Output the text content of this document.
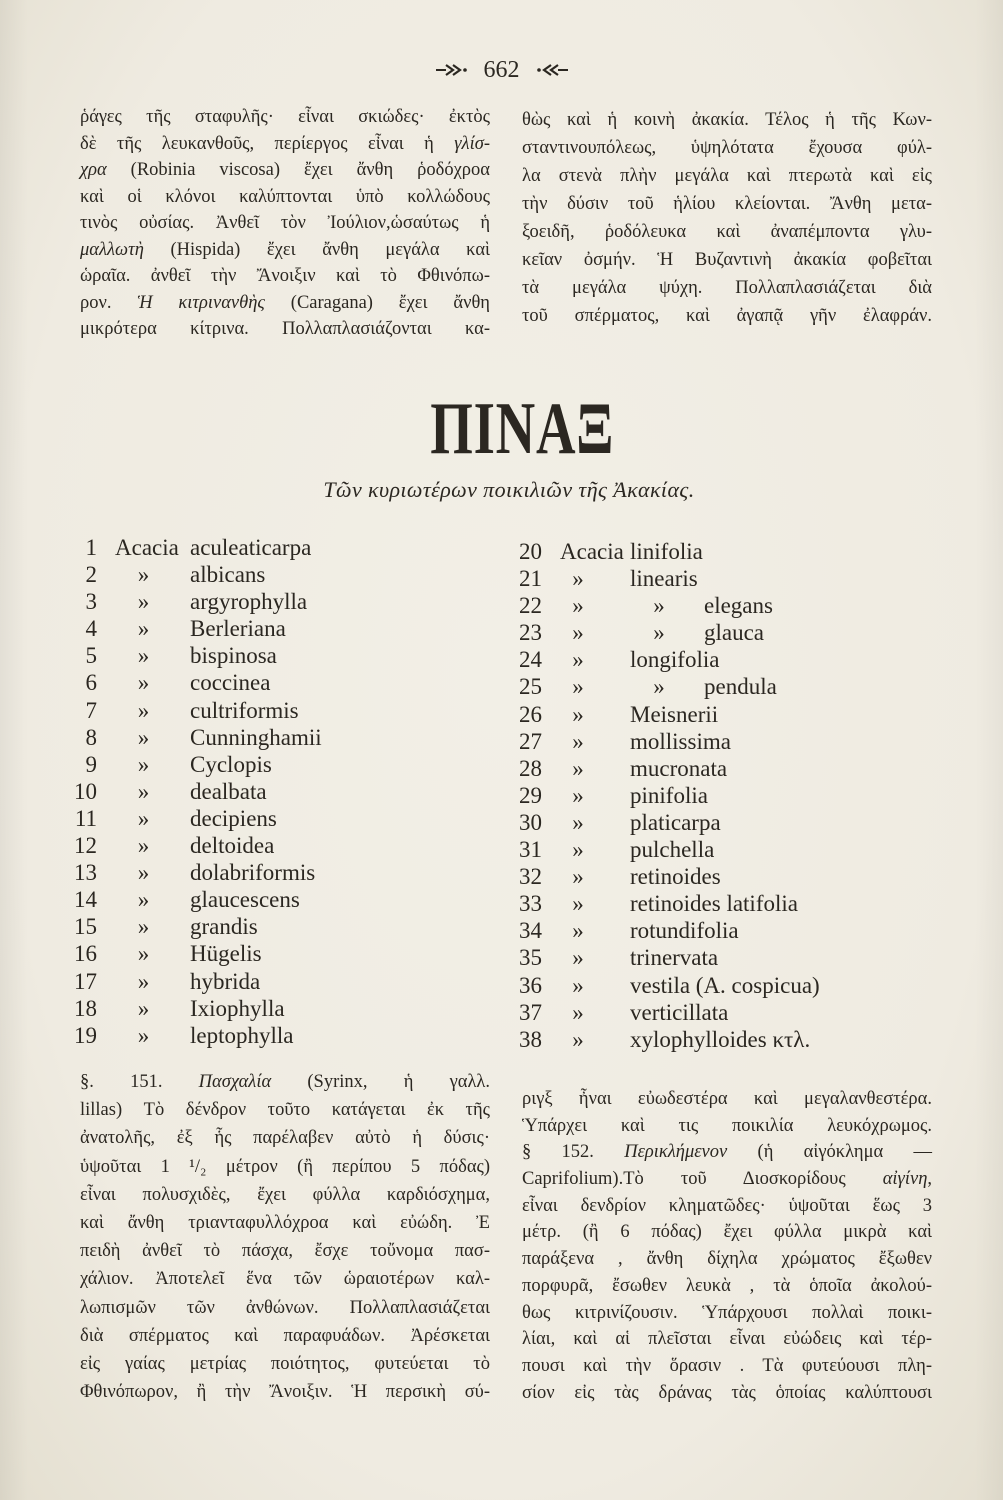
662
ῥάγες τῆς σταφυλῆς· εἶναι σκιώδες· ἐκτὸς
δὲ τῆς λευκανθοῦς, περίεργος εἶναι ἡ γλίσ-
χρα (Robinia viscosa) ἔχει ἄνθη ῥοδόχροα
καὶ οἱ κλόνοι καλύπτονται ὑπὸ κολλώδους
τινὸς οὐσίας. Ἀνθεῖ τὸν Ἰούλιον,ὡσαύτως ἡ
μαλλωτὴ (Hispida) ἔχει ἄνθη μεγάλα καὶ
ὡραῖα. ἀνθεῖ τὴν Ἄνοιξιν καὶ τὸ Φθινόπω-
ρον. Ἡ κιτρινανθὴς (Caragana) ἔχει ἄνθη
μικρότερα κίτρινα. Πολλαπλασιάζονται κα-
θὼς καὶ ἡ κοινὴ ἀκακία. Τέλος ἡ τῆς Κων-
σταντινουπόλεως, ὑψηλότατα ἔχουσα φύλ-
λα στενὰ πλὴν μεγάλα καὶ πτερωτὰ καὶ εἰς
τὴν δύσιν τοῦ ἡλίου κλείονται. Ἄνθη μετα-
ξοειδῆ, ῥοδόλευκα καὶ ἀναπέμποντα γλυ-
κεῖαν ὀσμήν. Ἡ Βυζαντινὴ ἀκακία φοβεῖται
τὰ μεγάλα ψύχη. Πολλαπλασιάζεται διὰ
τοῦ σπέρματος, καὶ ἀγαπᾷ γῆν ἐλαφράν.
ΠΙΝΑΞ
Τῶν κυριωτέρων ποικιλιῶν τῆς Ἀκακίας.
1 Acacia aculeaticarpa
2	»	albicans
3	»	argyrophylla
4	»	Berleriana
5	»	bispinosa
6	»	coccinea
7	»	cultriformis
8	»	Cunninghamii
9	»	Cyclopis
10	»	dealbata
11	»	decipiens
12	»	deltoidea
13	»	dolabriformis
14	»	glaucescens
15	»	grandis
16	»	Hügelis
17	»	hybrida
18	»	Ixiophylla
19	»	leptophylla
20 Acacia linifolia
21	»	linearis
22	»	»	elegans
23	»	»	glauca
24	»	longifolia
25	»	»	pendula
26	»	Meisnerii
27	»	mollissima
28	»	mucronata
29	»	pinifolia
30	»	platicarpa
31	»	pulchella
32	»	retinoides
33	»	retinoides latifolia
34	»	rotundifolia
35	»	trinervata
36	»	vestila (A. cospicua)
37	»	verticillata
38	»	xylophylloides κτλ.
§. 151. Πασχαλία (Syrinx, ἡ γαλλ.
lillas) Τὸ δένδρον τοῦτο κατάγεται ἐκ τῆς
ἀνατολῆς, ἐξ ἧς παρέλαβεν αὐτὸ ἡ δύσις·
ὑψοῦται 1 ¹/₂ μέτρον (ἢ περίπου 5 πόδας)
εἶναι πολυσχιδὲς, ἔχει φύλλα καρδιόσχημα,
καὶ ἄνθη τριανταφυλλόχροα καὶ εὐώδη. Ἐ
πειδὴ ἀνθεῖ τὸ πάσχα, ἔσχε τοὔνομα πασ-
χάλιον. Ἀποτελεῖ ἕνα τῶν ὡραιοτέρων καλ-
λωπισμῶν τῶν ἀνθώνων. Πολλαπλασιάζεται
διὰ σπέρματος καὶ παραφυάδων. Ἀρέσκεται
εἰς γαίας μετρίας ποιότητος, φυτεύεται τὸ
Φθινόπωρον, ἢ τὴν Ἄνοιξιν. Ἡ περσικὴ σύ-
ριγξ ἦναι εὐωδεστέρα καὶ μεγαλανθεστέρα.
Ὑπάρχει καὶ τις ποικιλία λευκόχρωμος.
§ 152. Περικλήμενον (ἡ αἰγόκλημα —
Caprifolium).Τὸ τοῦ Διοσκορίδους αἰγίνη,
εἶναι δενδρίον κληματῶδες· ὑψοῦται ἕως 3
μέτρ. (ἢ 6 πόδας) ἔχει φύλλα μικρὰ καὶ
παράξενα , ἄνθη δίχηλα χρώματος ἔξωθεν
πορφυρᾶ, ἔσωθεν λευκὰ , τὰ ὁποῖα ἀκολού-
θως κιτρινίζουσιν. Ὑπάρχουσι πολλαὶ ποικι-
λίαι, καὶ αἱ πλεῖσται εἶναι εὐώδεις καὶ τέρ-
πουσι καὶ τὴν ὅρασιν . Τὰ φυτεύουσι πλη-
σίον εἰς τὰς δράνας τὰς ὁποίας καλύπτουσι
